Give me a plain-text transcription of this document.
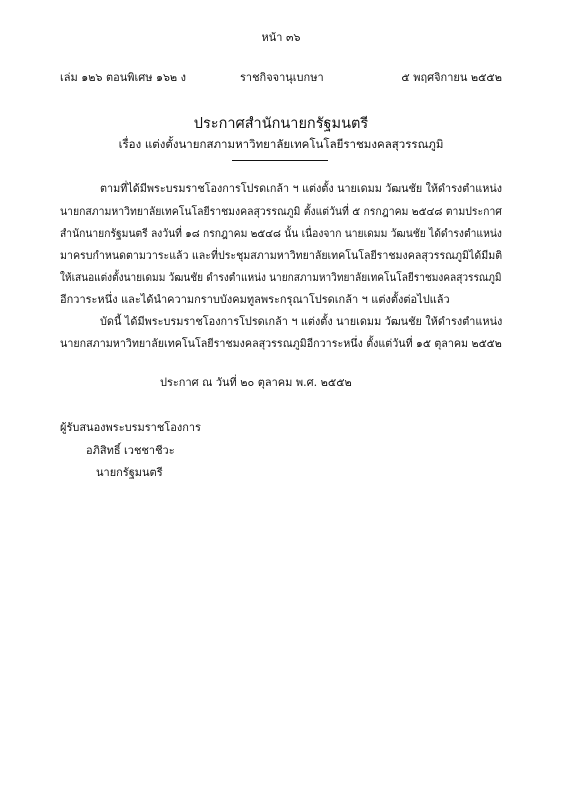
หน้า ๓๖
เล่ม ๑๒๖ ตอนพิเศษ ๑๖๒ ง	ราชกิจจานุเบกษา	๕ พฤศจิกายน ๒๕๕๒
ประกาศสำนักนายกรัฐมนตรี
เรื่อง แต่งตั้งนายกสภามหาวิทยาลัยเทคโนโลยีราชมงคลสุวรรณภูมิ
ตามที่ได้มีพระบรมราชโองการโปรดเกล้า ฯ แต่งตั้ง นายเดมม วัฒนชัย ให้ดำรงตำแหน่ง
นายกสภามหาวิทยาลัยเทคโนโลยีราชมงคลสุวรรณภูมิ ตั้งแต่วันที่ ๕ กรกฎาคม ๒๕๔๘ ตามประกาศ
สำนักนายกรัฐมนตรี ลงวันที่ ๑๘ กรกฎาคม ๒๕๔๘ นั้น เนื่องจาก นายเดมม วัฒนชัย ได้ดำรงตำแหน่ง
มาครบกำหนดตามวาระแล้ว และที่ประชุมสภามหาวิทยาลัยเทคโนโลยีราชมงคลสุวรรณภูมิได้มีมติ
ให้เสนอแต่งตั้งนายเดมม วัฒนชัย ดำรงตำแหน่ง นายกสภามหาวิทยาลัยเทคโนโลยีราชมงคลสุวรรณภูมิ
อีกวาระหนึ่ง และได้นำความกราบบังคมทูลพระกรุณาโปรดเกล้า ฯ แต่งตั้งต่อไปแล้ว
บัดนี้ ได้มีพระบรมราชโองการโปรดเกล้า ฯ แต่งตั้ง นายเดมม วัฒนชัย ให้ดำรงตำแหน่ง
นายกสภามหาวิทยาลัยเทคโนโลยีราชมงคลสุวรรณภูมิอีกวาระหนึ่ง ตั้งแต่วันที่ ๑๕ ตุลาคม ๒๕๕๒
ประกาศ ณ วันที่ ๒๐ ตุลาคม พ.ศ. ๒๕๕๒
ผู้รับสนองพระบรมราชโองการ
อภิสิทธิ์ เวชชาชีวะ
นายกรัฐมนตรี
